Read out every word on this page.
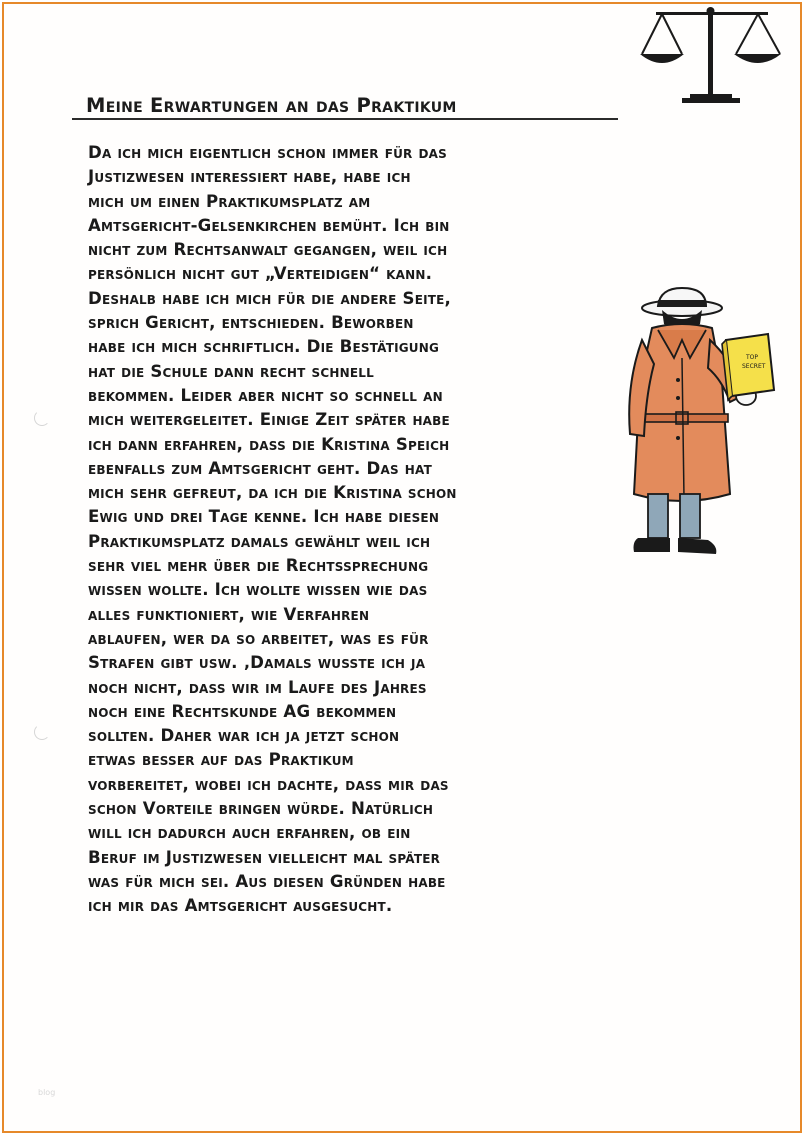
Meine Erwartungen an das Praktikum
Da ich mich eigentlich schon immer für das
Justizwesen interessiert habe, habe ich
mich um einen Praktikumsplatz am
Amtsgericht-Gelsenkirchen bemüht. Ich bin
nicht zum Rechtsanwalt gegangen, weil ich
persönlich nicht gut „Verteidigen“ kann.
Deshalb habe ich mich für die andere Seite,
sprich Gericht, entschieden. Beworben
habe ich mich schriftlich. Die Bestätigung
hat die Schule dann recht schnell
bekommen. Leider aber nicht so schnell an
mich weitergeleitet. Einige Zeit später habe
ich dann erfahren, dass die Kristina Speich
ebenfalls zum Amtsgericht geht. Das hat
mich sehr gefreut, da ich die Kristina schon
Ewig und drei Tage kenne. Ich habe diesen
Praktikumsplatz damals gewählt weil ich
sehr viel mehr über die Rechtssprechung
wissen wollte. Ich wollte wissen wie das
alles funktioniert, wie Verfahren
ablaufen, wer da so arbeitet, was es für
Strafen gibt usw. ‚Damals wusste ich ja
noch nicht, dass wir im Laufe des Jahres
noch eine Rechtskunde AG bekommen
sollten. Daher war ich ja jetzt schon
etwas besser auf das Praktikum
vorbereitet, wobei ich dachte, dass mir das
schon Vorteile bringen würde. Natürlich
will ich dadurch auch erfahren, ob ein
Beruf im Justizwesen vielleicht mal später
was für mich sei. Aus diesen Gründen habe
ich mir das Amtsgericht ausgesucht.
TOP
SECRET
blog
